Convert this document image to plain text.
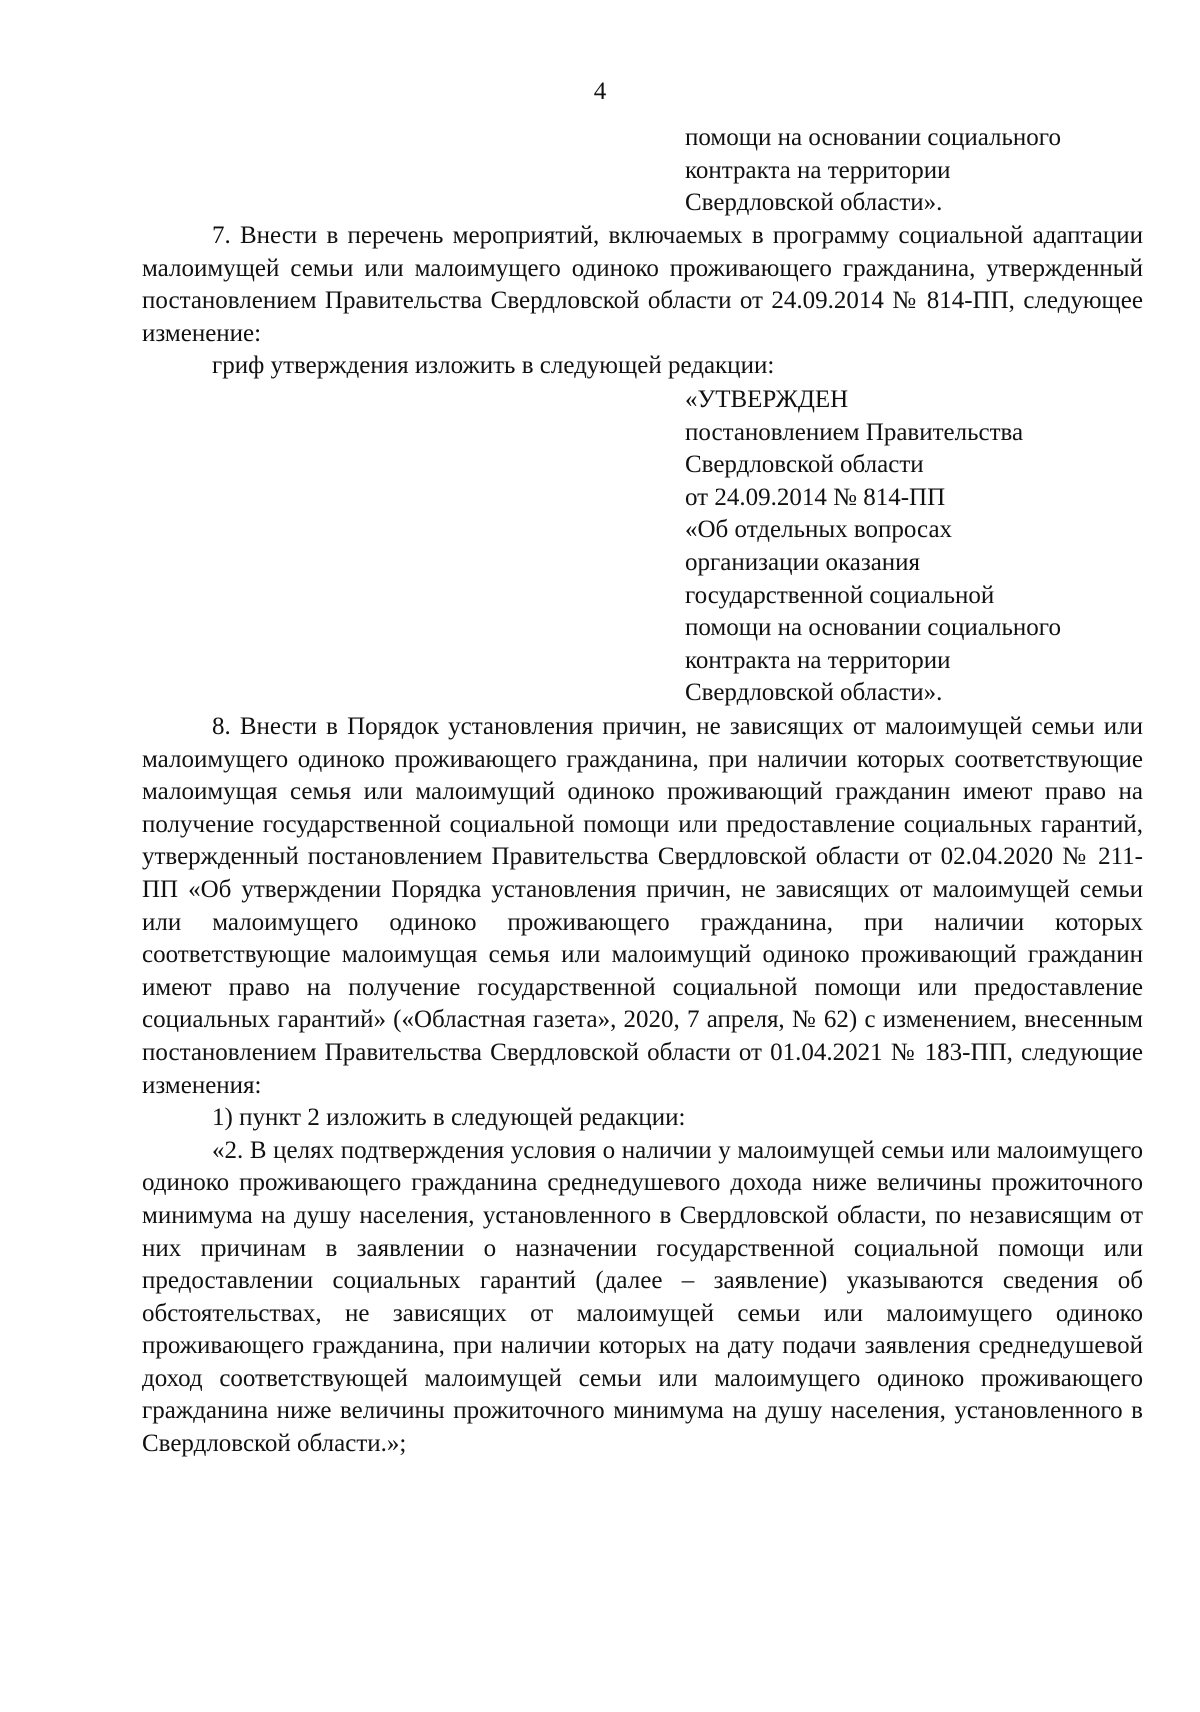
4
помощи на основании социального
контракта на территории
Свердловской области».

7. Внести в перечень мероприятий, включаемых в программу социальной адаптации малоимущей семьи или малоимущего одиноко проживающего гражданина, утвержденный постановлением Правительства Свердловской области от 24.09.2014 № 814-ПП, следующее изменение:

гриф утверждения изложить в следующей редакции:

«УТВЕРЖДЕН
постановлением Правительства
Свердловской области
от 24.09.2014 № 814-ПП
«Об отдельных вопросах
организации оказания
государственной социальной
помощи на основании социального
контракта на территории
Свердловской области».

8. Внести в Порядок установления причин, не зависящих от малоимущей семьи или малоимущего одиноко проживающего гражданина, при наличии которых соответствующие малоимущая семья или малоимущий одиноко проживающий гражданин имеют право на получение государственной социальной помощи или предоставление социальных гарантий, утвержденный постановлением Правительства Свердловской области от 02.04.2020 № 211-ПП «Об утверждении Порядка установления причин, не зависящих от малоимущей семьи или малоимущего одиноко проживающего гражданина, при наличии которых соответствующие малоимущая семья или малоимущий одиноко проживающий гражданин имеют право на получение государственной социальной помощи или предоставление социальных гарантий» («Областная газета», 2020, 7 апреля, № 62) с изменением, внесенным постановлением Правительства Свердловской области от 01.04.2021 № 183-ПП, следующие изменения:

1) пункт 2 изложить в следующей редакции:

«2. В целях подтверждения условия о наличии у малоимущей семьи или малоимущего одиноко проживающего гражданина среднедушевого дохода ниже величины прожиточного минимума на душу населения, установленного в Свердловской области, по независящим от них причинам в заявлении о назначении государственной социальной помощи или предоставлении социальных гарантий (далее – заявление) указываются сведения об обстоятельствах, не зависящих от малоимущей семьи или малоимущего одиноко проживающего гражданина, при наличии которых на дату подачи заявления среднедушевой доход соответствующей малоимущей семьи или малоимущего одиноко проживающего гражданина ниже величины прожиточного минимума на душу населения, установленного в Свердловской области.»;
